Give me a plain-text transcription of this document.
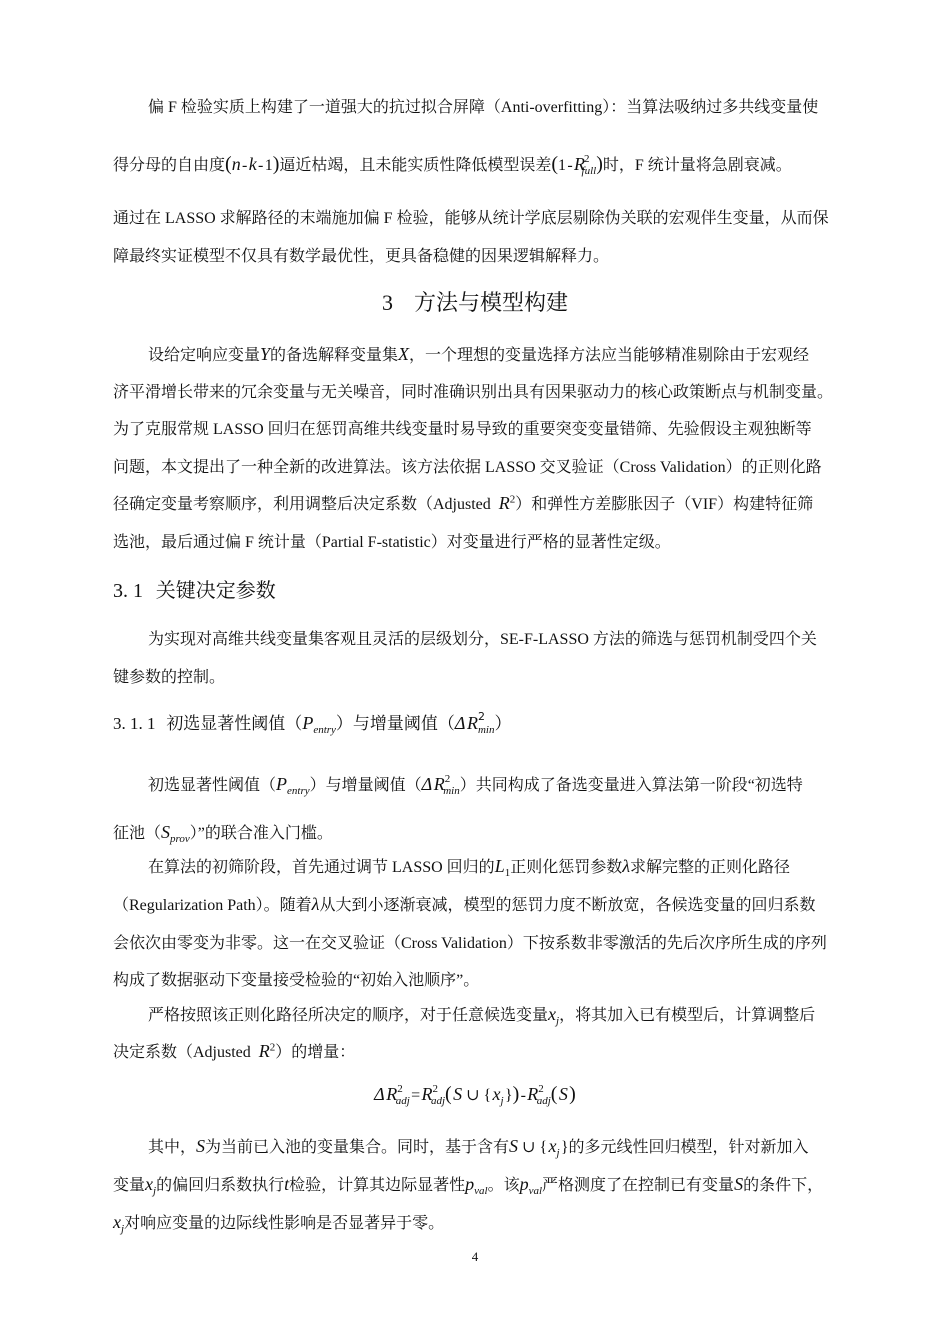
偏 F 检验实质上构建了一道强大的抗过拟合屏障（Anti-overfitting）：当算法吸纳过多共线变量使
得分母的自由度(n - k - 1)逼近枯竭，且未能实质性降低模型误差(1 - $R^2_{full}$)时，F 统计量将急剧衰减。
通过在 LASSO 求解路径的末端施加偏 F 检验，能够从统计学底层剔除伪关联的宏观伴生变量，从而保
障最终实证模型不仅具有数学最优性，更具备稳健的因果逻辑解释力。
3 方法与模型构建
设给定响应变量Y的备选解释变量集X，一个理想的变量选择方法应当能够精准剔除由于宏观经
济平滑增长带来的冗余变量与无关噪音，同时准确识别出具有因果驱动力的核心政策断点与机制变量。
为了克服常规 LASSO 回归在惩罚高维共线变量时易导致的重要突变变量错筛、先验假设主观独断等
问题，本文提出了一种全新的改进算法。该方法依据 LASSO 交叉验证（Cross Validation）的正则化路
径确定变量考察顺序，利用调整后决定系数（Adjusted  $R^2$）和弹性方差膨胀因子（VIF）构建特征筛
选池，最后通过偏 F 统计量（Partial F-statistic）对变量进行严格的显著性定级。
3. 1 关键决定参数
为实现对高维共线变量集客观且灵活的层级划分，SE-F-LASSO 方法的筛选与惩罚机制受四个关
键参数的控制。
3. 1. 1 初选显著性阈值$(P_{entry})$与增量阈值（Δ $R^2_{min}$）
初选显著性阈值$(P_{entry})$与增量阈值（Δ $R^2_{min}$）共同构成了备选变量进入算法第一阶段“初选特
征池$(S_{prov})$”的联合准入门槛。
在算法的初筛阶段，首先通过调节 LASSO 回归的$L_1$正则化惩罚参数λ求解完整的正则化路径
（Regularization Path）。随着λ从大到小逐渐衰减，模型的惩罚力度不断放宽，各候选变量的回归系数
会依次由零变为非零。这一在交叉验证（Cross Validation）下按系数非零激活的先后次序所生成的序列
构成了数据驱动下变量接受检验的“初始入池顺序”。
严格按照该正则化路径所决定的顺序，对于任意候选变量$x_j$，将其加入已有模型后，计算调整后
决定系数（Adjusted  $R^2$）的增量：
Δ $R^2_{adj}$ = $R^2_{adj}$( S ∪ { $x_j$ }) - $R^2_{adj}$( S )
其中，S为当前已入池的变量集合。同时，基于含有S ∪ { $x_j$ }的多元线性回归模型，针对新加入
变量$x_j$的偏回归系数执行t检验，计算其边际显著性$p_{val}$。该$p_{val}$严格测度了在控制已有变量S的条件下，
$x_j$对响应变量的边际线性影响是否显著异于零。
4
